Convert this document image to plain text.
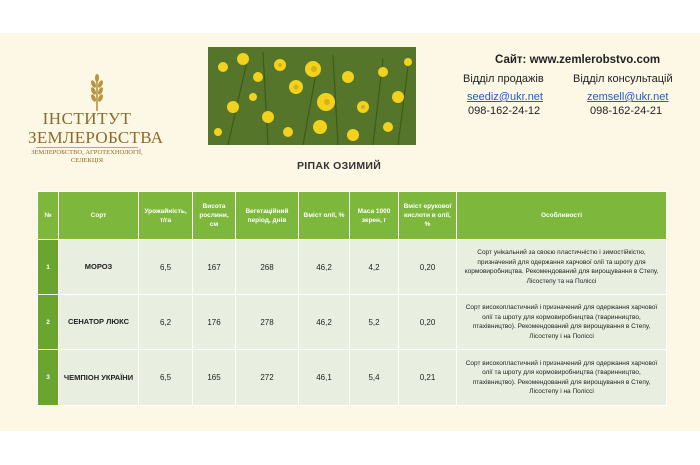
ІНСТИТУТ
ЗЕМЛЕРОБСТВА
ЗЕМЛЕРОБСТВО, АГРОТЕХНОЛОГІЇ,
СЕЛЕКЦІЯ
Сайт: www.zemlerobstvo.com
Відділ продажів	Відділ консультацій
seediz@ukr.net	zemsell@ukr.net
098-162-24-12	098-162-24-21
РІПАК ОЗИМИЙ
№	Сорт	Урожайність, т/га	Висота рослини, см	Вегетаційний період, днів	Вміст олії, %	Маса 1000 зерен, г	Вміст ерукової кислоти в олії, %	Особливості
1	МОРОЗ	6,5	167	268	46,2	4,2	0,20	Сорт унікальний за своєю пластичністю і зимостійкістю, призначений для одержання харчової олії та шроту для кормовиробництва. Рекомендований для вирощування в Степу, Лісостепу та на Поліссі
2	СЕНАТОР ЛЮКС	6,2	176	278	46,2	5,2	0,20	Сорт високопластичний і призначений для одержання харчової олії та шроту для кормовиробництва (тваринництво, птахівництво). Рекомендований для вирощування в Степу, Лісостепу і на Поліссі
3	ЧЕМПІОН УКРАЇНИ	6,5	165	272	46,1	5,4	0,21	Сорт високопластичний і призначений для одержання харчової олії та шроту для кормовиробництва (тваринництво, птахівництво). Рекомендований для вирощування в Степу, Лісостепу і на Поліссі
